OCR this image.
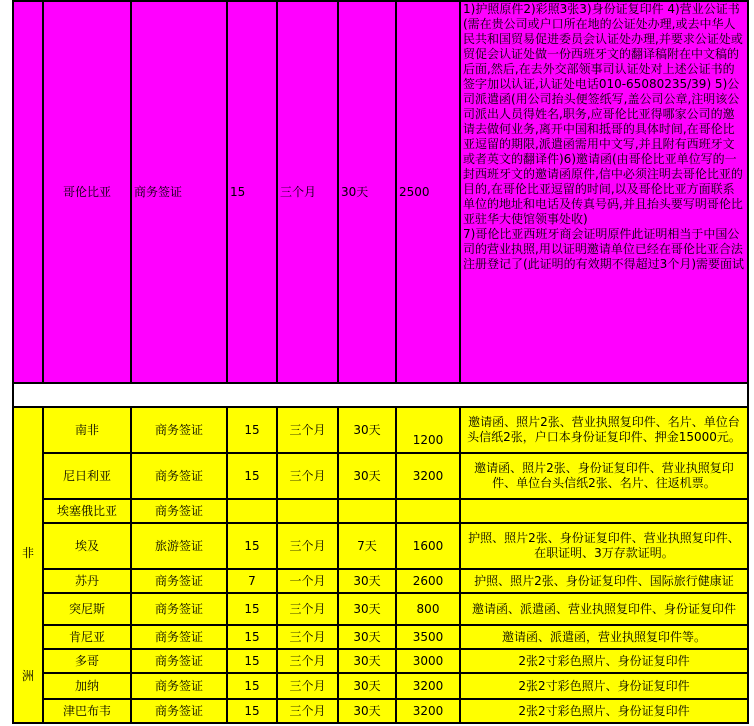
	哥伦比亚	商务签证	15	三个月	30天	2500	1)护照原件2)彩照3张3)身份证复印件 4)营业公证书(需在贵公司或户口所在地的公证处办理,或去中华人民共和国贸易促进委员会认证处办理,并要求公证处或贸促会认证处做一份西班牙文的翻译稿附在中文稿的后面,然后,在去外交部领事司认证处对上述公证书的签字加以认证,认证处电话010-65080235/39) 5)公司派遣函(用公司抬头便签纸写,盖公司公章,注明该公司派出人员得姓名,职务,应哥伦比亚得哪家公司的邀请去做何业务,离开中国和抵哥的具体时间,在哥伦比亚逗留的期限,派遣函需用中文写,并且附有西班牙文或者英文的翻译件)6)邀请函(由哥伦比亚单位写的一封西班牙文的邀请函原件,信中必须注明去哥伦比亚的目的,在哥伦比亚逗留的时间,以及哥伦比亚方面联系单位的地址和电话及传真号码,并且抬头要写明哥伦比亚驻华大使馆领事处收)
7)哥伦比亚西班牙商会证明原件此证明相当于中国公司的营业执照,用以证明邀请单位已经在哥伦比亚合法注册登记了(此证明的有效期不得超过3个月)需要面试

非
洲	南非	商务签证	15	三个月	30天	1200	邀请函、照片2张、营业执照复印件、名片、单位台头信纸2张，户口本身份证复印件、押金15000元。
	尼日利亚	商务签证	15	三个月	30天	3200	邀请函、照片2张、身份证复印件、营业执照复印件、单位台头信纸2张、名片、往返机票。
	埃塞俄比亚	商务签证					
	埃及	旅游签证	15	三个月	7天	1600	护照、照片2张、身份证复印件、营业执照复印件、在职证明、3万存款证明。
	苏丹	商务签证	7	一个月	30天	2600	护照、照片2张、身份证复印件、国际旅行健康证
	突尼斯	商务签证	15	三个月	30天	800	邀请函、派遣函、营业执照复印件、身份证复印件
	肯尼亚	商务签证	15	三个月	30天	3500	邀请函、派遣函，营业执照复印件等。
	多哥	商务签证	15	三个月	30天	3000	2张2寸彩色照片、身份证复印件
	加纳	商务签证	15	三个月	30天	3200	2张2寸彩色照片、身份证复印件
	津巴布韦	商务签证	15	三个月	30天	3200	2张2寸彩色照片、身份证复印件
